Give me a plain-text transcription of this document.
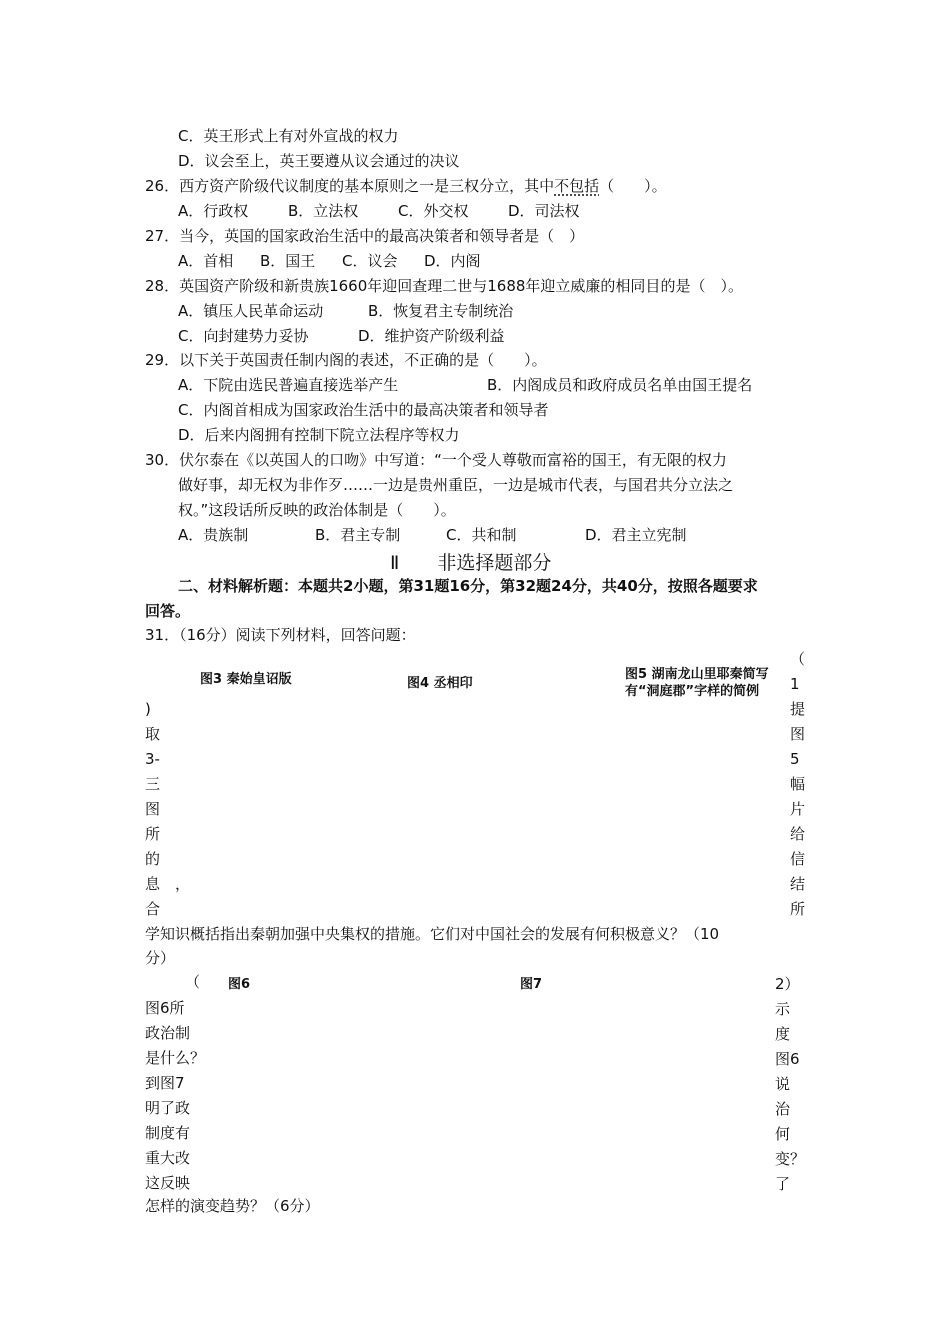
C．英王形式上有对外宣战的权力
D．议会至上，英王要遵从议会通过的决议
26．西方资产阶级代议制度的基本原则之一是三权分立，其中不包括（　　）。
A．行政权	B．立法权	C．外交权	D．司法权
27．当今，英国的国家政治生活中的最高决策者和领导者是（　）
A．首相 B．国王 C．议会 D．内阁
28．英国资产阶级和新贵族1660年迎回查理二世与1688年迎立威廉的相同目的是（　）。
A．镇压人民革命运动	B．恢复君主专制统治
C．向封建势力妥协	D．维护资产阶级利益
29．以下关于英国责任制内阁的表述，不正确的是（　　）。
A．下院由选民普遍直接选举产生	B．内阁成员和政府成员名单由国王提名
C．内阁首相成为国家政治生活中的最高决策者和领导者
D．后来内阁拥有控制下院立法程序等权力
30．伏尔泰在《以英国人的口吻》中写道：“一个受人尊敬而富裕的国王，有无限的权力
做好事，却无权为非作歹……一边是贵州重臣，一边是城市代表，与国君共分立法之
权。”这段话所反映的政治体制是（　　）。
A．贵族制	B．君主专制	C．共和制	D．君主立宪制
Ⅱ　　非选择题部分
二、材料解析题：本题共2小题，第31题16分，第32题24分，共40分，按照各题要求
回答。
31．（16分）阅读下列材料，回答问题：
图3 秦始皇诏版	图4 丞相印
图5 湖南龙山里耶秦简写有“洞庭郡”字样的简例
)
取
3-
三
图
所
的
息　，
合
（
1
提
图
5
幅
片
给
信
结
所
学知识概括指出秦朝加强中央集权的措施。它们对中国社会的发展有何积极意义？（10
分）
（ 图6	图7
图6所
政治制
是什么？
到图7
明了政
制度有
重大改
这反映
2）
示
度
图6
说
治
何
变？
了
怎样的演变趋势？（6分）
